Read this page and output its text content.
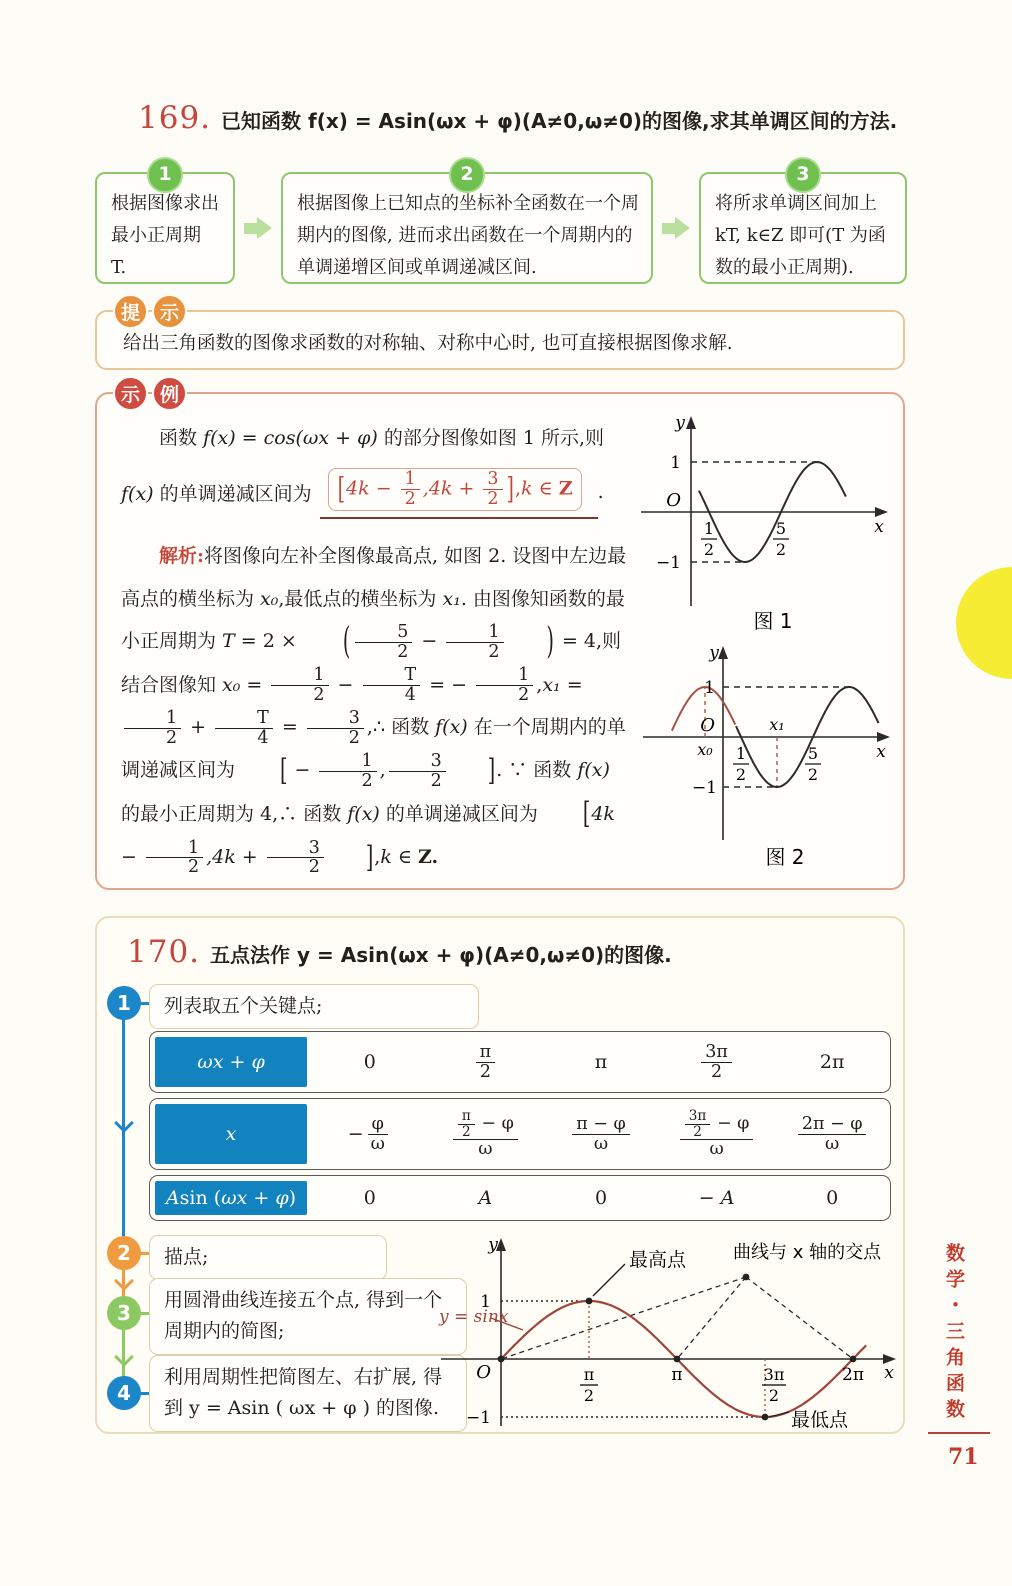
169. 已知函数 f(x) = Asin(ωx + φ)(A≠0,ω≠0)的图像,求其单调区间的方法.
1
根据图像求出最小正周期 T.
2
根据图像上已知点的坐标补全函数在一个周期内的图像, 进而求出函数在一个周期内的单调递增区间或单调递减区间.
3
将所求单调区间加上 kT, k∈Z 即可(T 为函数的最小正周期).
提	示
给出三角函数的图像求函数的对称轴、对称中心时, 也可直接根据图像求解.
示	例
函数 f(x) = cos(ωx + φ) 的部分图像如图 1 所示,则
f(x) 的单调递减区间为	$[4k - \frac{1}{2} ,4k + \frac{3}{2} ],k$ ∈ Z	.
解析:将图像向左补全图像最高点, 如图 2. 设图中左边最高点的横坐标为 x₀,最低点的横坐标为 x₁. 由图像知函数的最小正周期为 T = 2 × ( $\frac{5}{2} - \frac{1}{2}$ ) = 4,则结合图像知 $x_0 = \frac{1}{2} - \frac{T}{4}$ = − $\frac{1}{2} ,x_1$ =
$\frac{1}{2} + \frac{T}{4} = \frac{3}{2}$ ,∴ 函数 f(x) 在一个周期内的单调递减区间为 [ − $\frac{1}{2}$ , $\frac{3}{2}$ ]. ∵ 函数 f(x) 的最小正周期为 4,∴ 函数 f(x) 的单调递减区间为 $[4k - \frac{1}{2} ,4k + \frac{3}{2} ],k$ ∈ Z.
y
1
O
−1
x
1
2
5
2
图 1
y
1
O
x₀
x₁
−1
x
1
2
5
2
图 2
170. 五点法作 y = Asin(ωx + φ)(A≠0,ω≠0)的图像.
1
2
3
4
列表取五个关键点;
描点;
用圆滑曲线连接五个点, 得到一个周期内的简图;
利用周期性把简图左、右扩展, 得到 y = Asin ( ωx + φ ) 的图像.
ωx + φ	0	$\frac{\pi}{2}$	π	$\frac{3\pi}{2}$	2π
x	− $\frac{\varphi}{\omega}$	$\frac{\frac{\pi}{2} - \varphi}{\omega}$	$\frac{\pi - \varphi}{\omega}$	$\frac{\frac{3\pi}{2} - \varphi}{\omega}$	$\frac{2\pi - \varphi}{\omega}$
A sin ( ωx + φ )	0	A	0	− A	0
最高点	曲线与 x 轴的交点
最低点
y = sinx
y
1
O
−1
x
π
2
π	3π
2
2π	数学・三角函数
71
